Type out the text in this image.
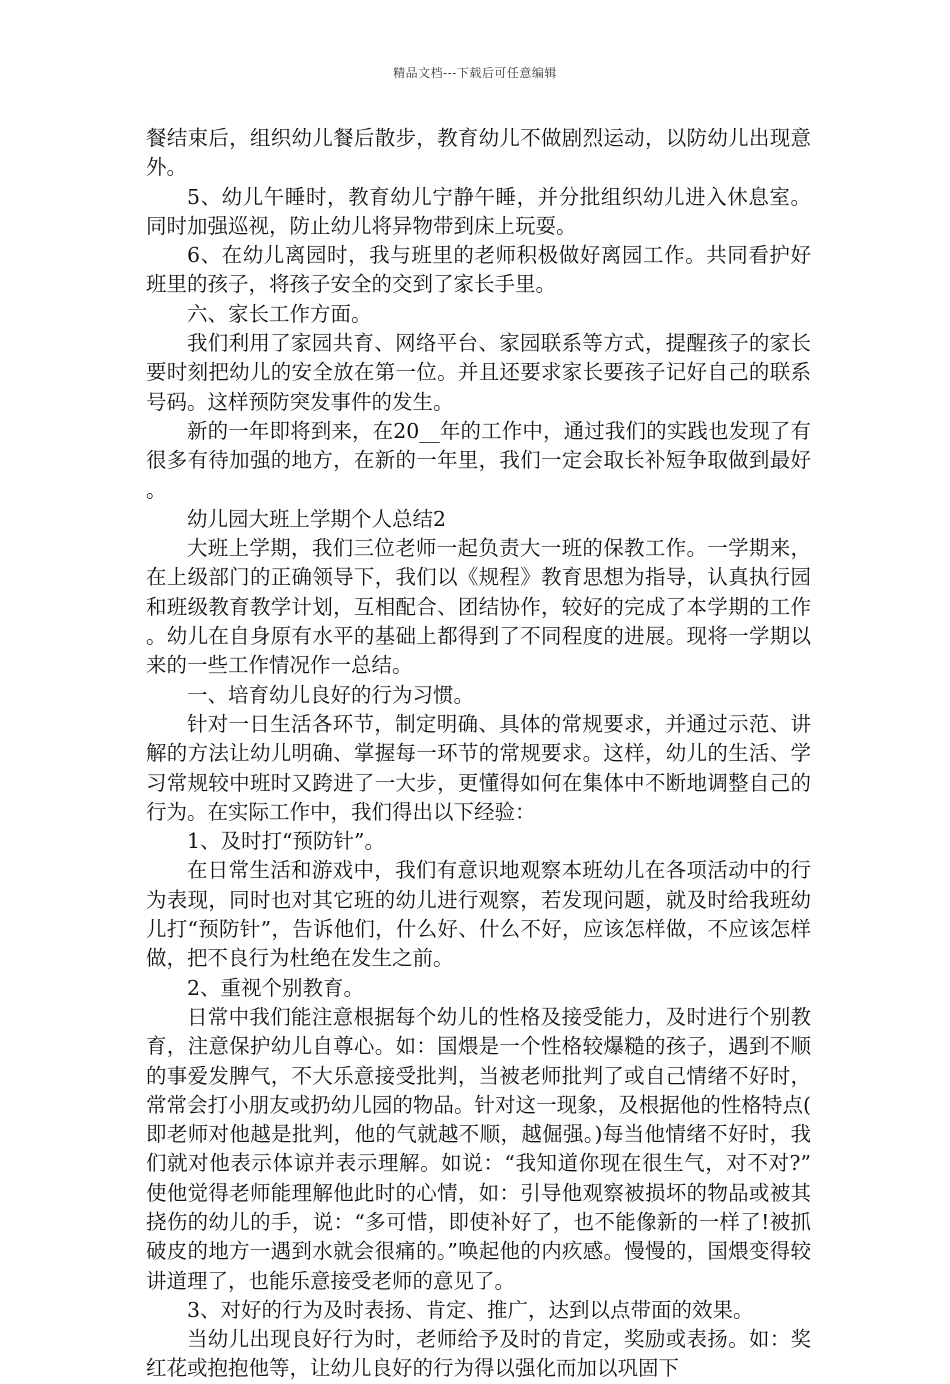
精品文档---下载后可任意编辑

餐结束后，组织幼儿餐后散步，教育幼儿不做剧烈运动，以防幼儿出现意外。

5、幼儿午睡时，教育幼儿宁静午睡，并分批组织幼儿进入休息室。同时加强巡视，防止幼儿将异物带到床上玩耍。

6、在幼儿离园时，我与班里的老师积极做好离园工作。共同看护好班里的孩子，将孩子安全的交到了家长手里。

六、家长工作方面。

我们利用了家园共育、网络平台、家园联系等方式，提醒孩子的家长要时刻把幼儿的安全放在第一位。并且还要求家长要孩子记好自己的联系号码。这样预防突发事件的发生。

新的一年即将到来，在20__年的工作中，通过我们的实践也发现了有很多有待加强的地方，在新的一年里，我们一定会取长补短争取做到最好。

幼儿园大班上学期个人总结2

大班上学期，我们三位老师一起负责大一班的保教工作。一学期来，在上级部门的正确领导下，我们以《规程》教育思想为指导，认真执行园和班级教育教学计划，互相配合、团结协作，较好的完成了本学期的工作。幼儿在自身原有水平的基础上都得到了不同程度的进展。现将一学期以来的一些工作情况作一总结。

一、培育幼儿良好的行为习惯。

针对一日生活各环节，制定明确、具体的常规要求，并通过示范、讲解的方法让幼儿明确、掌握每一环节的常规要求。这样，幼儿的生活、学习常规较中班时又跨进了一大步，更懂得如何在集体中不断地调整自己的行为。在实际工作中，我们得出以下经验：

1、及时打“预防针”。

在日常生活和游戏中，我们有意识地观察本班幼儿在各项活动中的行为表现，同时也对其它班的幼儿进行观察，若发现问题，就及时给我班幼儿打“预防针”，告诉他们，什么好、什么不好，应该怎样做，不应该怎样做，把不良行为杜绝在发生之前。

2、重视个别教育。

日常中我们能注意根据每个幼儿的性格及接受能力，及时进行个别教育，注意保护幼儿自尊心。如：国煨是一个性格较爆糙的孩子，遇到不顺的事爱发脾气，不大乐意接受批判，当被老师批判了或自己情绪不好时，常常会打小朋友或扔幼儿园的物品。针对这一现象，及根据他的性格特点(即老师对他越是批判，他的气就越不顺，越倔强。)每当他情绪不好时，我们就对他表示体谅并表示理解。如说：“我知道你现在很生气，对不对?”使他觉得老师能理解他此时的心情，如：引导他观察被损坏的物品或被其挠伤的幼儿的手，说：“多可惜，即使补好了，也不能像新的一样了!被抓破皮的地方一遇到水就会很痛的。”唤起他的内疚感。慢慢的，国煨变得较讲道理了，也能乐意接受老师的意见了。

3、对好的行为及时表扬、肯定、推广，达到以点带面的效果。

当幼儿出现良好行为时，老师给予及时的肯定，奖励或表扬。如：奖红花或抱抱他等，让幼儿良好的行为得以强化而加以巩固下
